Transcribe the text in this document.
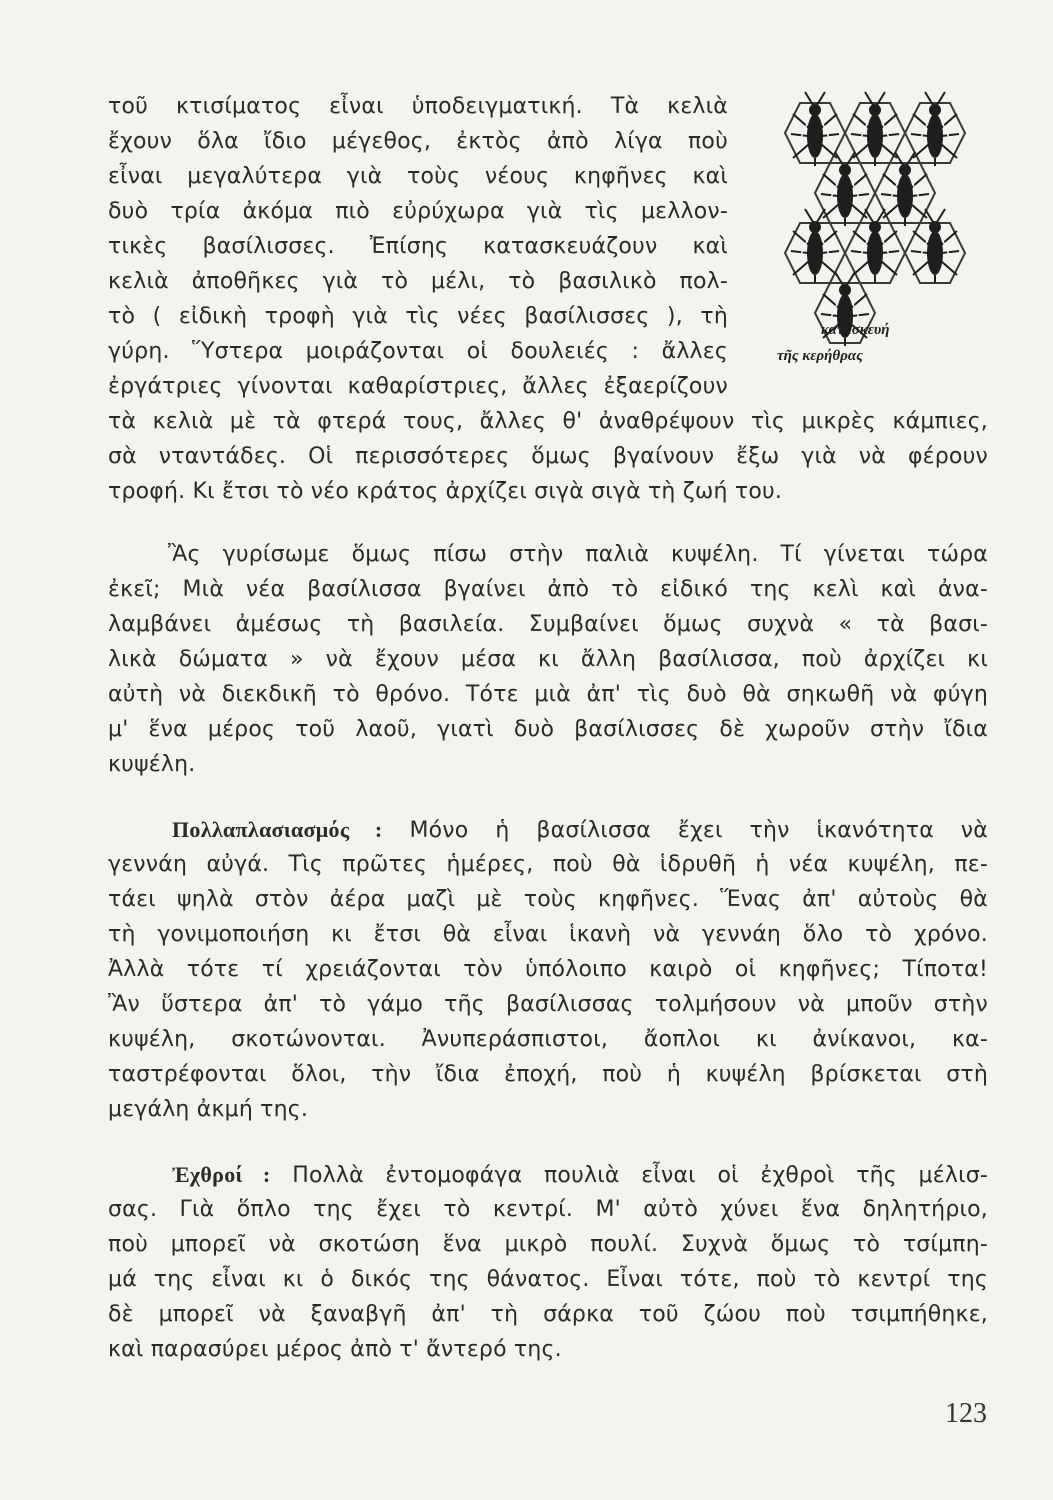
τοῦ κτισίματος εἶναι ὑποδειγματική. Τὰ κελιὰ

ἔχουν ὅλα ἴδιο μέγεθος, ἐκτὸς ἀπὸ λίγα ποὺ

εἶναι μεγαλύτερα γιὰ τοὺς νέους κηφῆνες καὶ

δυὸ τρία ἀκόμα πιὸ εὐρύχωρα γιὰ τὶς μελλον-

τικὲς βασίλισσες. Ἐπίσης κατασκευάζουν καὶ

κελιὰ ἀποθῆκες γιὰ τὸ μέλι, τὸ βασιλικὸ πολ-

τὸ ( εἰδικὴ τροφὴ γιὰ τὶς νέες βασίλισσες ), τὴ

γύρη. Ὕστερα μοιράζονται οἱ δουλειές : ἄλλες

ἐργάτριες γίνονται καθαρίστριες, ἄλλες ἐξαερίζουν

τὰ κελιὰ μὲ τὰ φτερά τους, ἄλλες θ' ἀναθρέψουν τὶς μικρὲς κάμπιες,

σὰ νταντάδες. Οἱ περισσότερες ὅμως βγαίνουν ἔξω γιὰ νὰ φέρουν

τροφή. Κι ἔτσι τὸ νέο κράτος ἀρχίζει σιγὰ σιγὰ τὴ ζωή του.

κατασκευή
τῆς κερήθρας

Ἂς γυρίσωμε ὅμως πίσω στὴν παλιὰ κυψέλη. Τί γίνεται τώρα

ἐκεῖ; Μιὰ νέα βασίλισσα βγαίνει ἀπὸ τὸ εἰδικό της κελὶ καὶ ἀνα-

λαμβάνει ἀμέσως τὴ βασιλεία. Συμβαίνει ὅμως συχνὰ « τὰ βασι-

λικὰ δώματα » νὰ ἔχουν μέσα κι ἄλλη βασίλισσα, ποὺ ἀρχίζει κι

αὐτὴ νὰ διεκδικῆ τὸ θρόνο. Τότε μιὰ ἀπ' τὶς δυὸ θὰ σηκωθῆ νὰ φύγη

μ' ἕνα μέρος τοῦ λαοῦ, γιατὶ δυὸ βασίλισσες δὲ χωροῦν στὴν ἴδια

κυψέλη.

Πολλαπλασιασμός : Μόνο ἡ βασίλισσα ἔχει τὴν ἱκανότητα νὰ

γεννάη αὐγά. Τὶς πρῶτες ἡμέρες, ποὺ θὰ ἱδρυθῆ ἡ νέα κυψέλη, πε-

τάει ψηλὰ στὸν ἀέρα μαζὶ μὲ τοὺς κηφῆνες. Ἕνας ἀπ' αὐτοὺς θὰ

τὴ γονιμοποιήση κι ἔτσι θὰ εἶναι ἱκανὴ νὰ γεννάη ὅλο τὸ χρόνο.

Ἀλλὰ τότε τί χρειάζονται τὸν ὑπόλοιπο καιρὸ οἱ κηφῆνες; Τίποτα!

Ἂν ὕστερα ἀπ' τὸ γάμο τῆς βασίλισσας τολμήσουν νὰ μποῦν στὴν

κυψέλη, σκοτώνονται. Ἀνυπεράσπιστοι, ἄοπλοι κι ἀνίκανοι, κα-

ταστρέφονται ὅλοι, τὴν ἴδια ἐποχή, ποὺ ἡ κυψέλη βρίσκεται στὴ

μεγάλη ἀκμή της.

Ἐχθροί : Πολλὰ ἐντομοφάγα πουλιὰ εἶναι οἱ ἐχθροὶ τῆς μέλισ-

σας. Γιὰ ὅπλο της ἔχει τὸ κεντρί. Μ' αὐτὸ χύνει ἕνα δηλητήριο,

ποὺ μπορεῖ νὰ σκοτώση ἕνα μικρὸ πουλί. Συχνὰ ὅμως τὸ τσίμπη-

μά της εἶναι κι ὁ δικός της θάνατος. Εἶναι τότε, ποὺ τὸ κεντρί της

δὲ μπορεῖ νὰ ξαναβγῆ ἀπ' τὴ σάρκα τοῦ ζώου ποὺ τσιμπήθηκε,

καὶ παρασύρει μέρος ἀπὸ τ' ἄντερό της.

123
